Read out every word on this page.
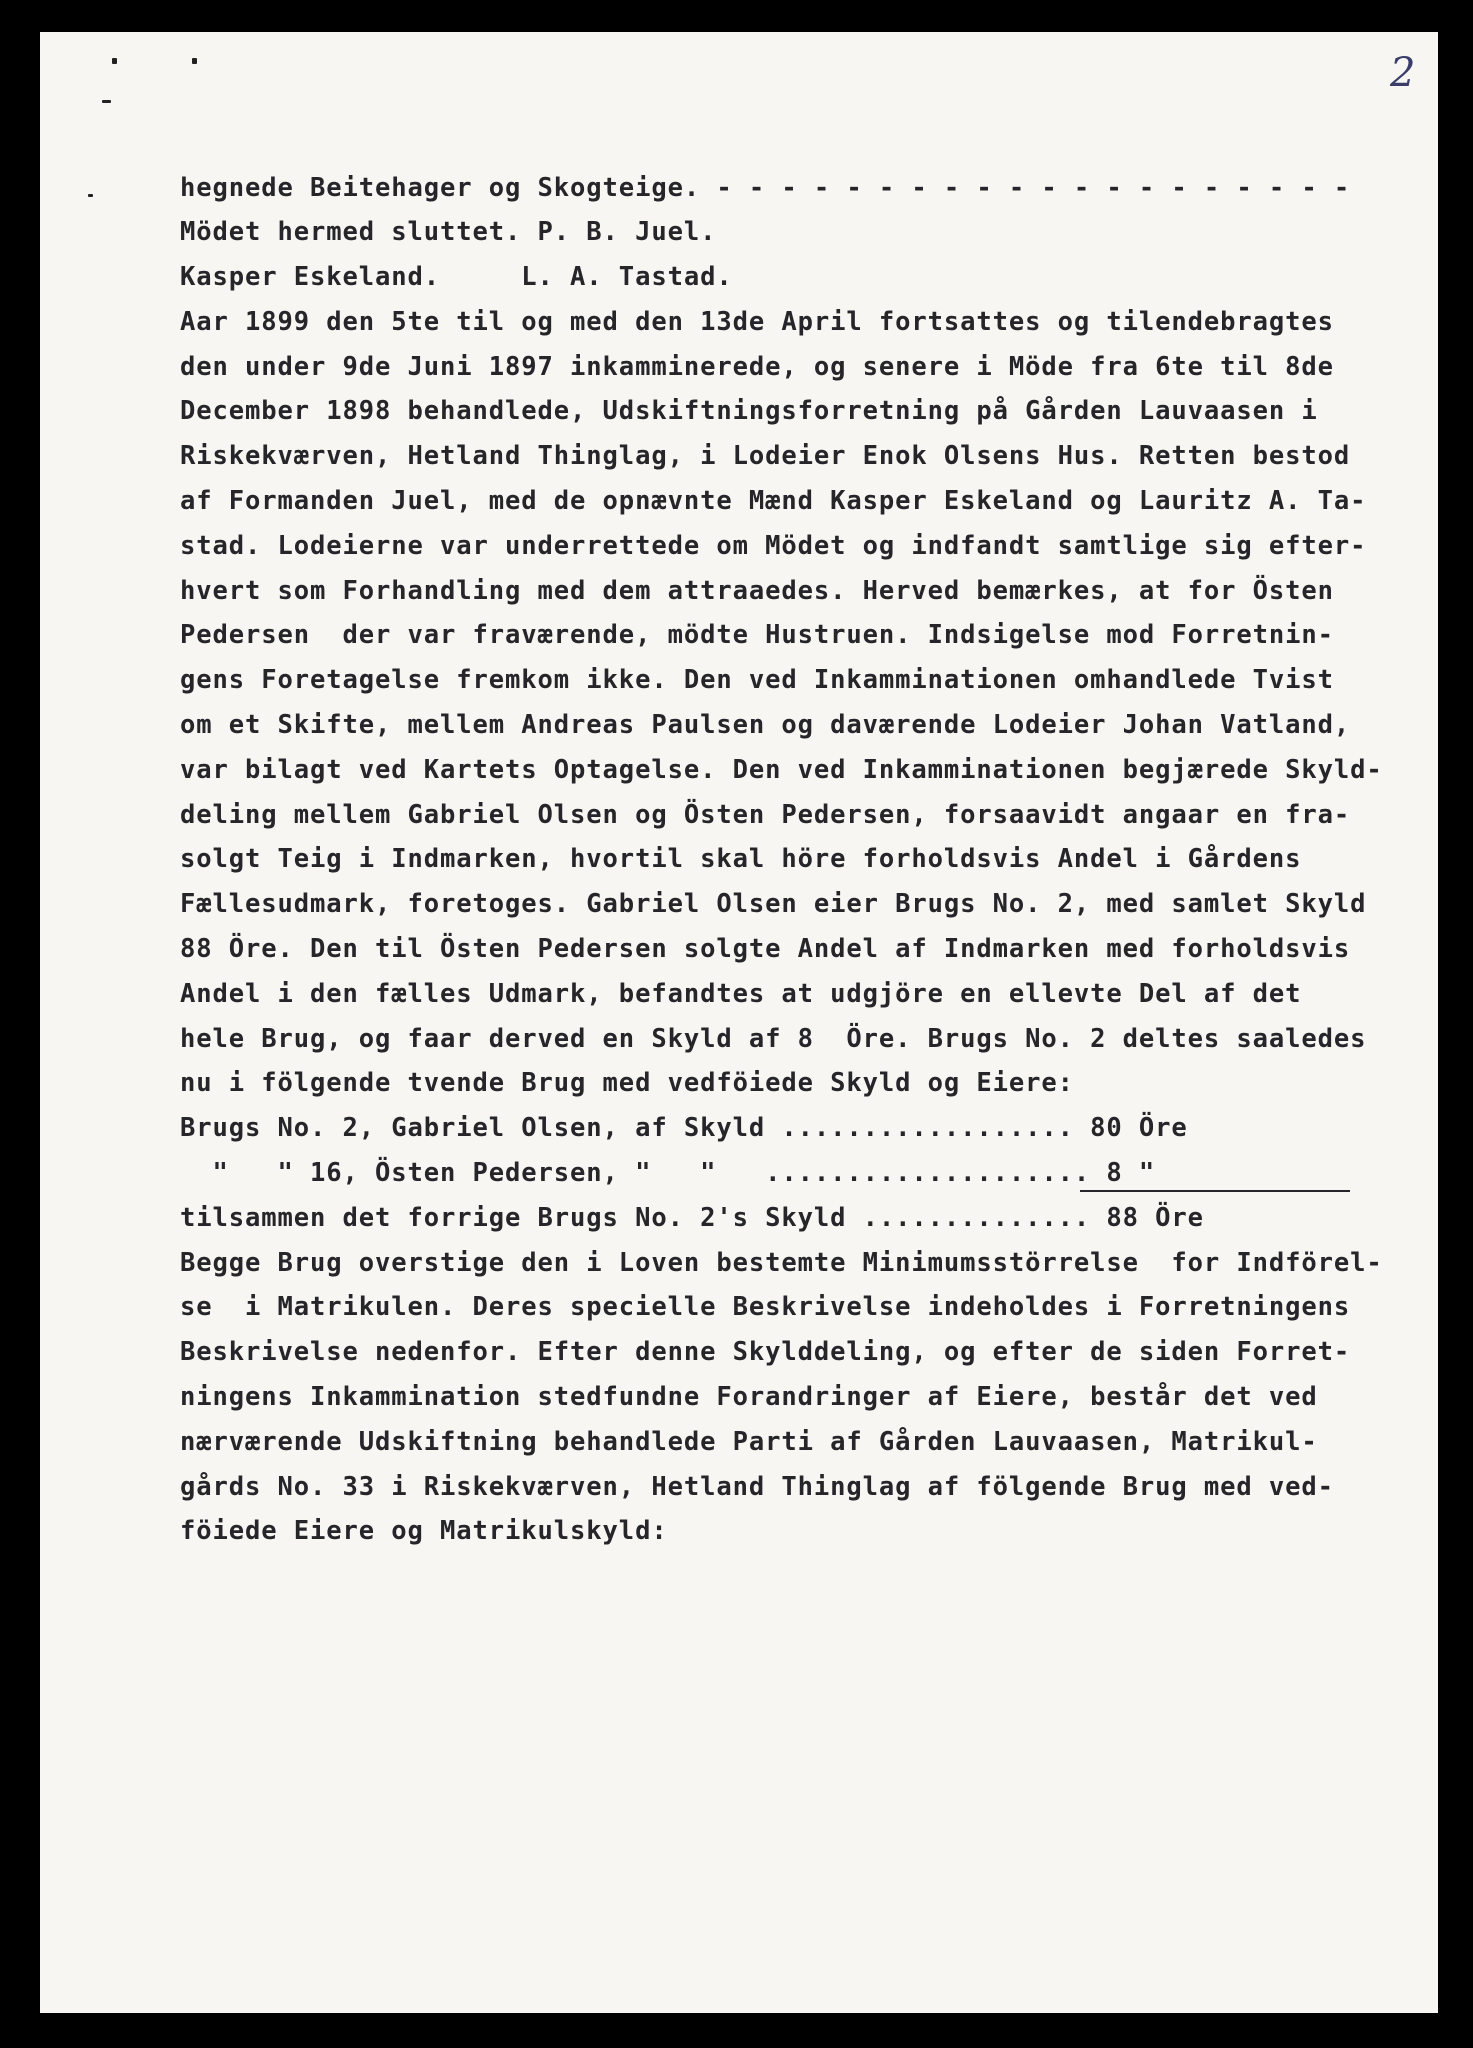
2
hegnede Beitehager og Skogteige. - - - - - - - - - - - - - - - - - - - -
Mödet hermed sluttet. P. B. Juel.
Kasper Eskeland.     L. A. Tastad.
Aar 1899 den 5te til og med den 13de April fortsattes og tilendebragtes
den under 9de Juni 1897 inkamminerede, og senere i Möde fra 6te til 8de
December 1898 behandlede, Udskiftningsforretning på Gården Lauvaasen i
Riskekværven, Hetland Thinglag, i Lodeier Enok Olsens Hus. Retten bestod
af Formanden Juel, med de opnævnte Mænd Kasper Eskeland og Lauritz A. Ta-
stad. Lodeierne var underrettede om Mödet og indfandt samtlige sig efter-
hvert som Forhandling med dem attraaedes. Herved bemærkes, at for Östen
Pedersen  der var fraværende, mödte Hustruen. Indsigelse mod Forretnin-
gens Foretagelse fremkom ikke. Den ved Inkamminationen omhandlede Tvist
om et Skifte, mellem Andreas Paulsen og daværende Lodeier Johan Vatland,
var bilagt ved Kartets Optagelse. Den ved Inkamminationen begjærede Skyld-
deling mellem Gabriel Olsen og Östen Pedersen, forsaavidt angaar en fra-
solgt Teig i Indmarken, hvortil skal höre forholdsvis Andel i Gårdens
Fællesudmark, foretoges. Gabriel Olsen eier Brugs No. 2, med samlet Skyld
88 Öre. Den til Östen Pedersen solgte Andel af Indmarken med forholdsvis
Andel i den fælles Udmark, befandtes at udgjöre en ellevte Del af det
hele Brug, og faar derved en Skyld af 8  Öre. Brugs No. 2 deltes saaledes
nu i fölgende tvende Brug med vedföiede Skyld og Eiere:
Brugs No. 2, Gabriel Olsen, af Skyld .................. 80 Öre
"   " 16, Östen Pedersen, "   "   .................... 8 "
tilsammen det forrige Brugs No. 2's Skyld .............. 88 Öre
Begge Brug overstige den i Loven bestemte Minimumsstörrelse  for Indförel-
se  i Matrikulen. Deres specielle Beskrivelse indeholdes i Forretningens
Beskrivelse nedenfor. Efter denne Skylddeling, og efter de siden Forret-
ningens Inkammination stedfundne Forandringer af Eiere, består det ved
nærværende Udskiftning behandlede Parti af Gården Lauvaasen, Matrikul-
gårds No. 33 i Riskekværven, Hetland Thinglag af fölgende Brug med ved-
föiede Eiere og Matrikulskyld:
